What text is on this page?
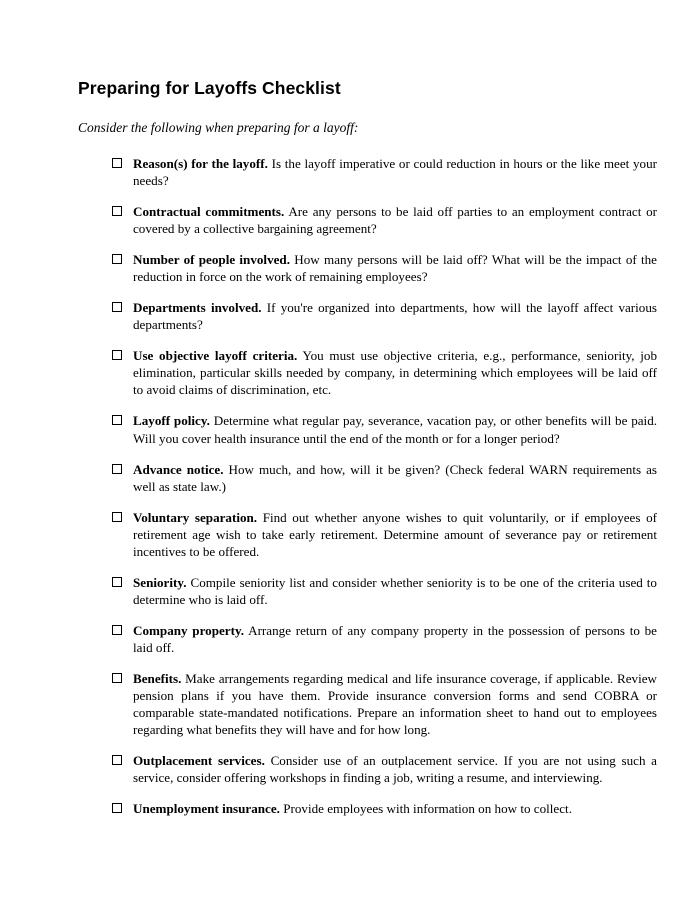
Preparing for Layoffs Checklist

Consider the following when preparing for a layoff:

Reason(s) for the layoff. Is the layoff imperative or could reduction in hours or the like meet your needs?
Contractual commitments. Are any persons to be laid off parties to an employment contract or covered by a collective bargaining agreement?
Number of people involved. How many persons will be laid off? What will be the impact of the reduction in force on the work of remaining employees?
Departments involved. If you're organized into departments, how will the layoff affect various departments?
Use objective layoff criteria. You must use objective criteria, e.g., performance, seniority, job elimination, particular skills needed by company, in determining which employees will be laid off to avoid claims of discrimination, etc.
Layoff policy. Determine what regular pay, severance, vacation pay, or other benefits will be paid. Will you cover health insurance until the end of the month or for a longer period?
Advance notice. How much, and how, will it be given? (Check federal WARN requirements as well as state law.)
Voluntary separation. Find out whether anyone wishes to quit voluntarily, or if employees of retirement age wish to take early retirement. Determine amount of severance pay or retirement incentives to be offered.
Seniority. Compile seniority list and consider whether seniority is to be one of the criteria used to determine who is laid off.
Company property. Arrange return of any company property in the possession of persons to be laid off.
Benefits. Make arrangements regarding medical and life insurance coverage, if applicable. Review pension plans if you have them. Provide insurance conversion forms and send COBRA or comparable state-mandated notifications. Prepare an information sheet to hand out to employees regarding what benefits they will have and for how long.
Outplacement services. Consider use of an outplacement service. If you are not using such a service, consider offering workshops in finding a job, writing a resume, and interviewing.
Unemployment insurance. Provide employees with information on how to collect.
